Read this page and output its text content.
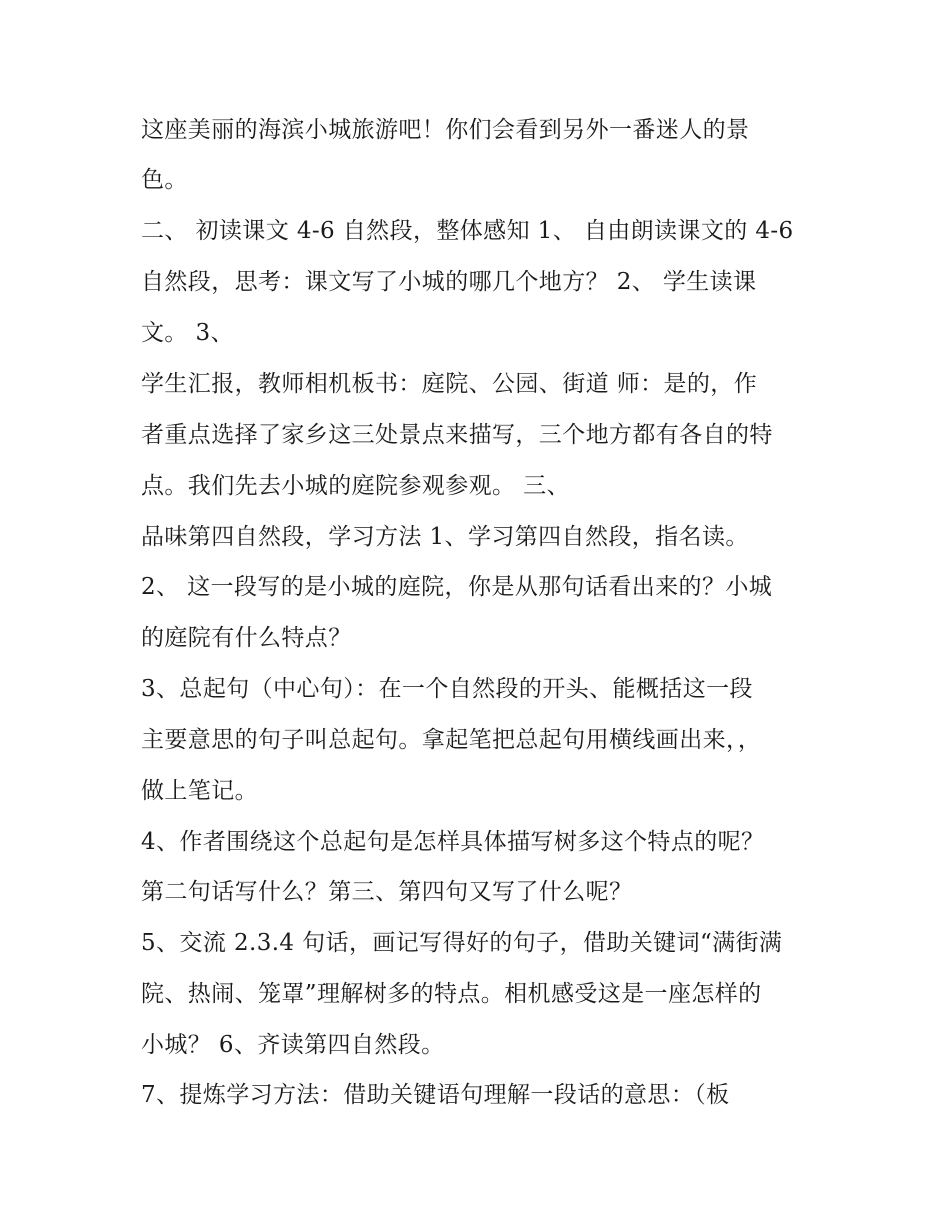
这座美丽的海滨小城旅游吧！你们会看到另外一番迷人的景
色。
二、 初读课文 4-6 自然段，整体感知 1、 自由朗读课文的 4-6
自然段，思考：课文写了小城的哪几个地方？ 2、 学生读课
文。 3、
学生汇报，教师相机板书：庭院、公园、街道 师：是的，作
者重点选择了家乡这三处景点来描写，三个地方都有各自的特
点。我们先去小城的庭院参观参观。 三、
品味第四自然段，学习方法 1、学习第四自然段，指名读。
2、 这一段写的是小城的庭院，你是从那句话看出来的？小城
的庭院有什么特点？
3、总起句（中心句）：在一个自然段的开头、能概括这一段
主要意思的句子叫总起句。拿起笔把总起句用横线画出来，，
做上笔记。
4、作者围绕这个总起句是怎样具体描写树多这个特点的呢？
第二句话写什么？第三、第四句又写了什么呢？
5、交流 2.3.4 句话，画记写得好的句子，借助关键词“满街满
院、热闹、笼罩”理解树多的特点。相机感受这是一座怎样的
小城？ 6、齐读第四自然段。
7、提炼学习方法：借助关键语句理解一段话的意思：（板
